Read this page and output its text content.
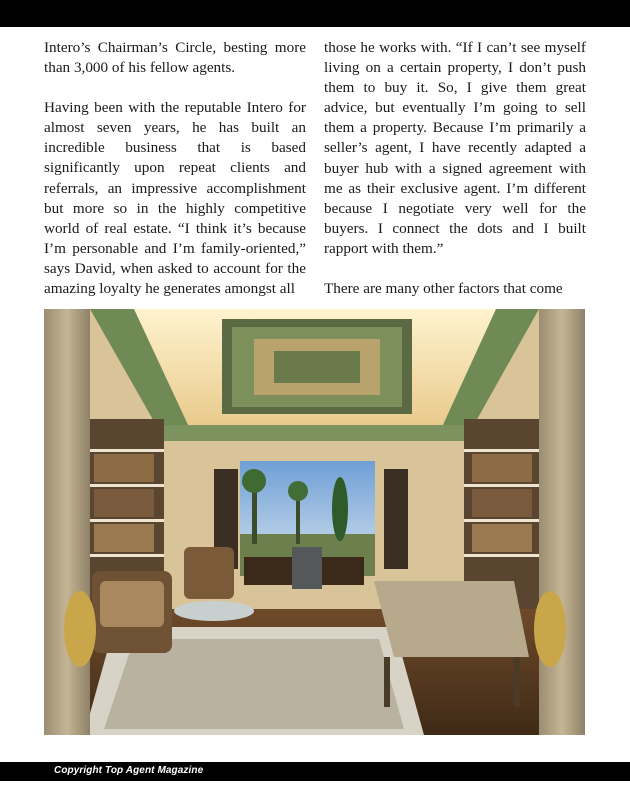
Intero’s Chairman’s Circle, besting more than 3,000 of his fellow agents.

Having been with the reputable Intero for almost seven years, he has built an incredible business that is based significantly upon repeat clients and referrals, an impressive accomplishment but more so in the highly competitive world of real estate. “I think it’s because I’m personable and I’m family-oriented,” says David, when asked to account for the amazing loyalty he generates amongst all

those he works with. “If I can’t see myself living on a certain property, I don’t push them to buy it. So, I give them great advice, but eventually I’m going to sell them a property. Because I’m primarily a seller’s agent, I have recently adapted a buyer hub with a signed agreement with me as their exclusive agent. I’m different because I negotiate very well for the buyers. I connect the dots and I built rapport with them.”

There are many other factors that come

Copyright Top Agent Magazine
